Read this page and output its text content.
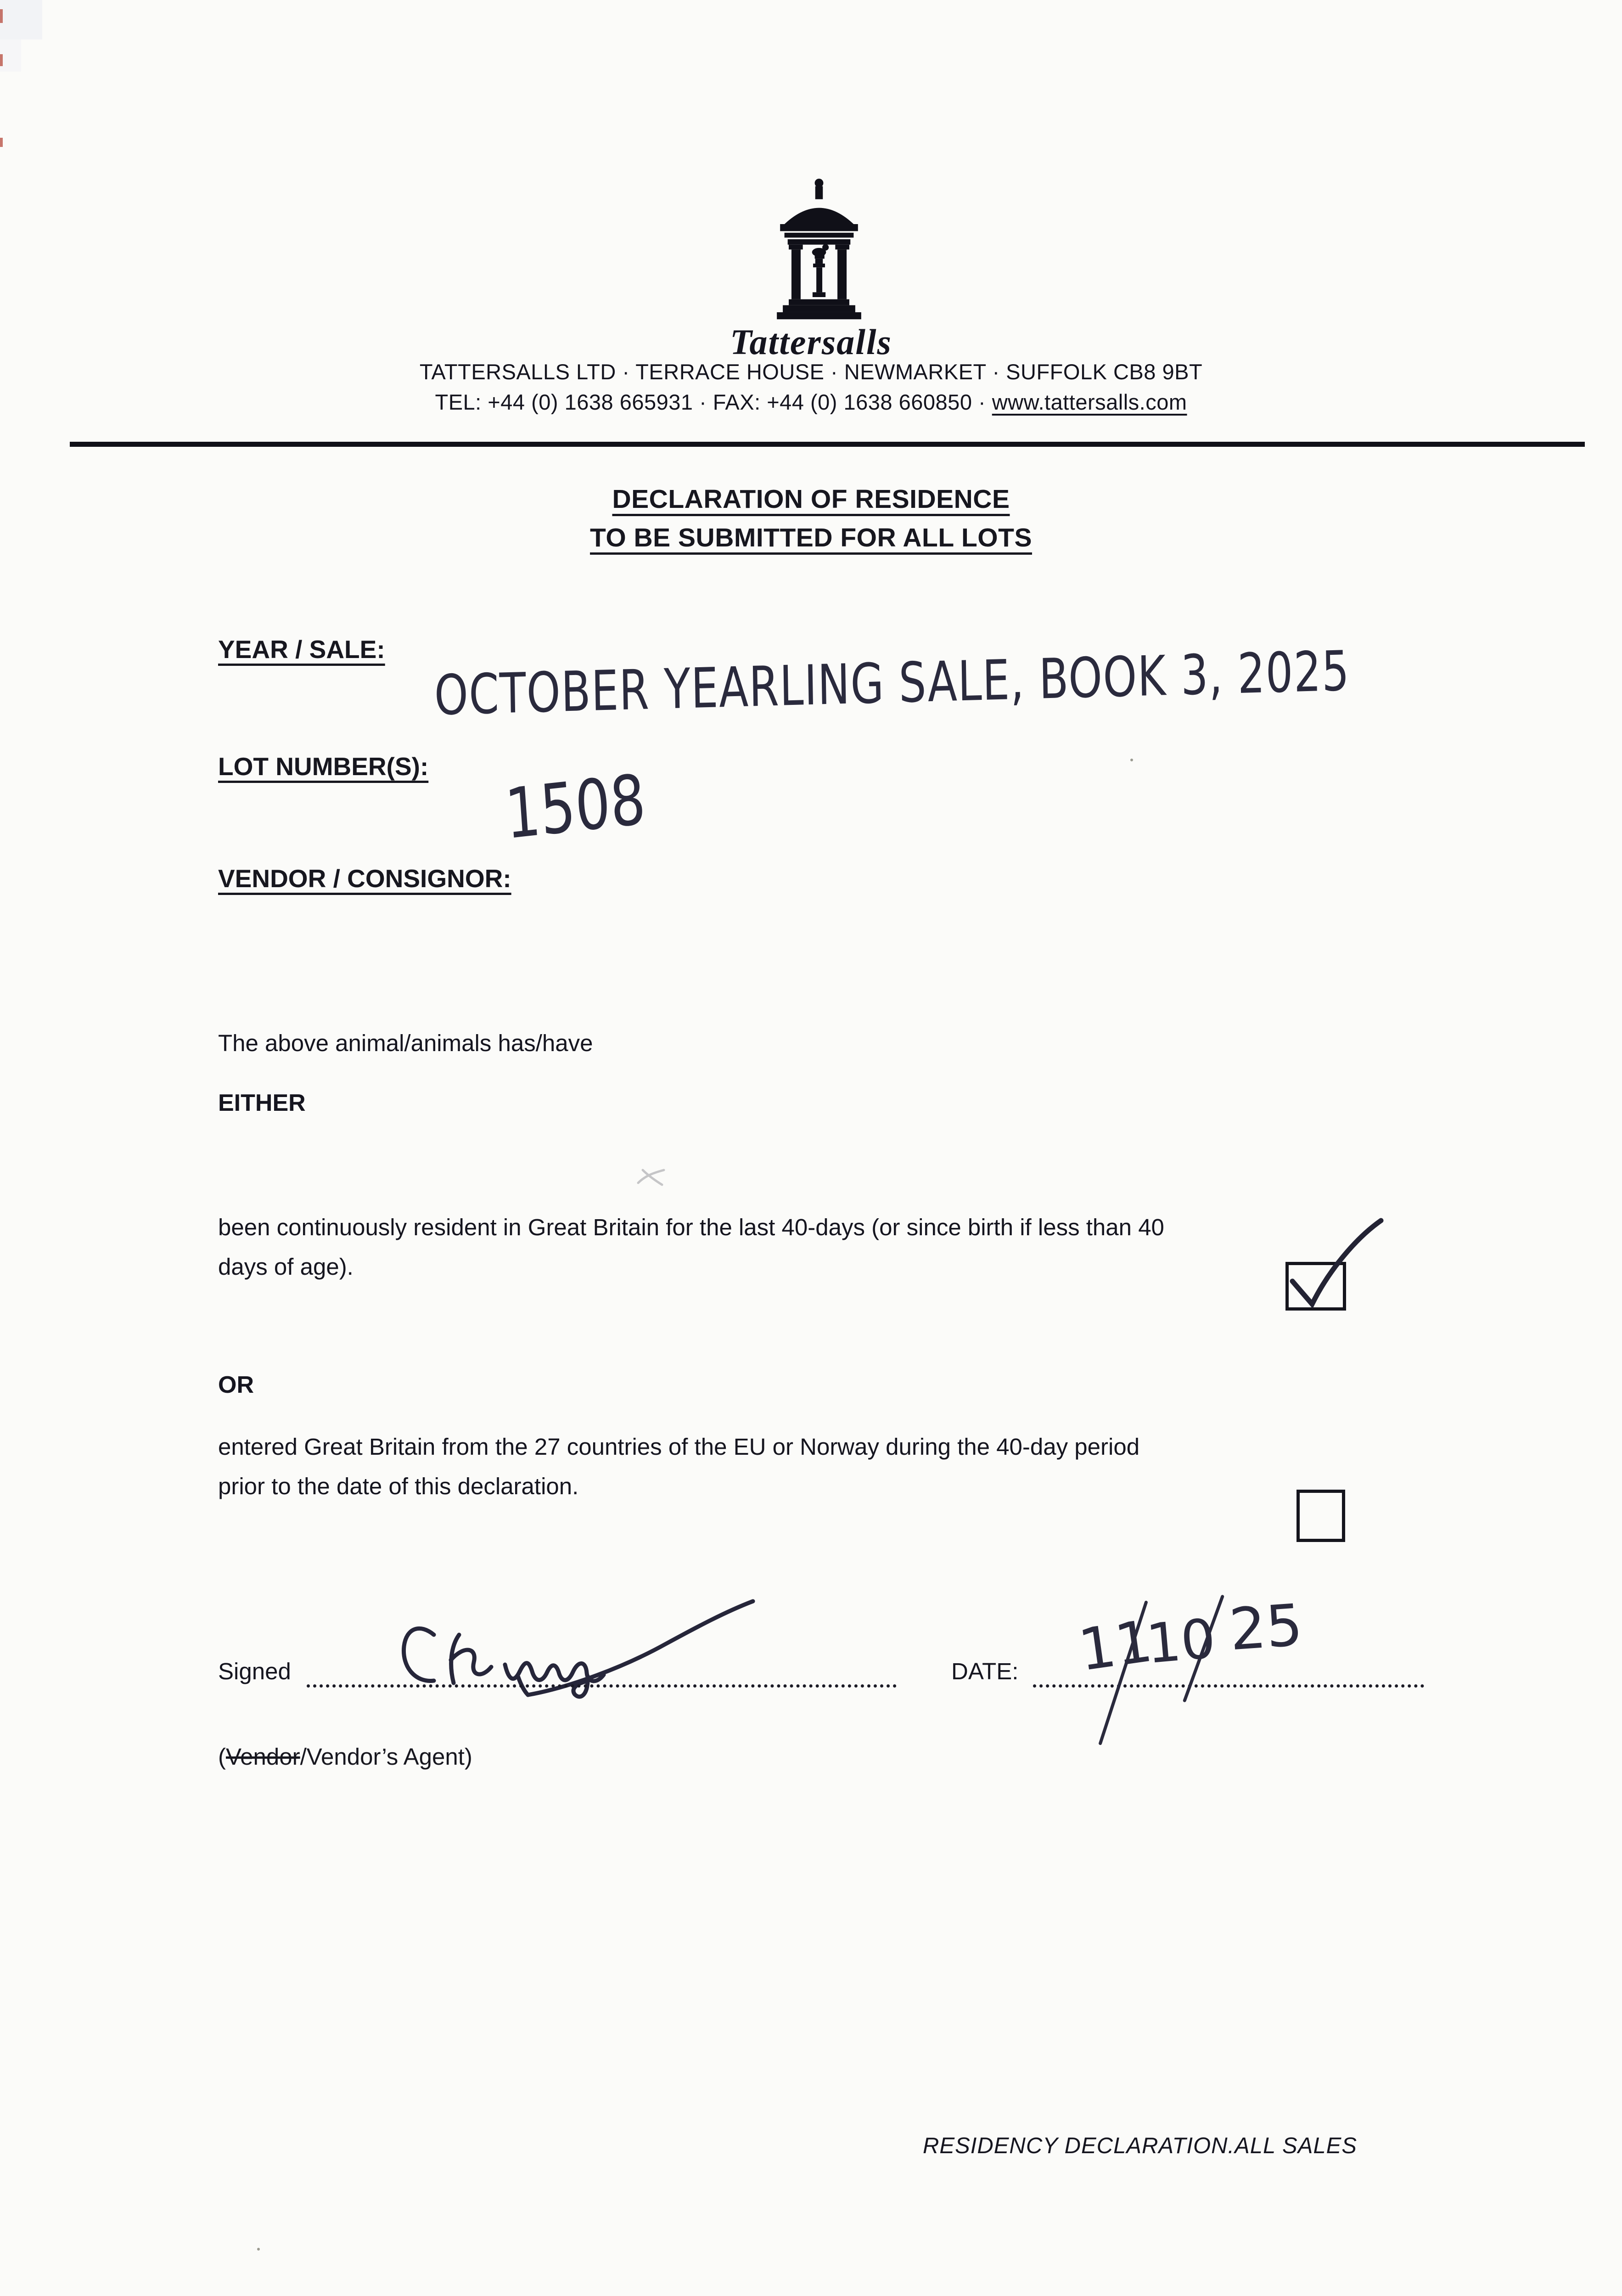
Tattersalls
TATTERSALLS LTD · TERRACE HOUSE · NEWMARKET · SUFFOLK CB8 9BT
TEL: +44 (0) 1638 665931 · FAX: +44 (0) 1638 660850 · www.tattersalls.com
DECLARATION OF RESIDENCE
TO BE SUBMITTED FOR ALL LOTS
YEAR / SALE: OCTOBER YEARLING SALE, BOOK 3, 2025
LOT NUMBER(S): 1508
VENDOR / CONSIGNOR:
The above animal/animals has/have
EITHER
been continuously resident in Great Britain for the last 40-days (or since birth if less than 40
days of age).
OR
entered Great Britain from the 27 countries of the EU or Norway during the 40-day period
prior to the date of this declaration.
Signed	DATE: 11
10 25
(Vendor/Vendor’s Agent)
RESIDENCY DECLARATION.ALL SALES
